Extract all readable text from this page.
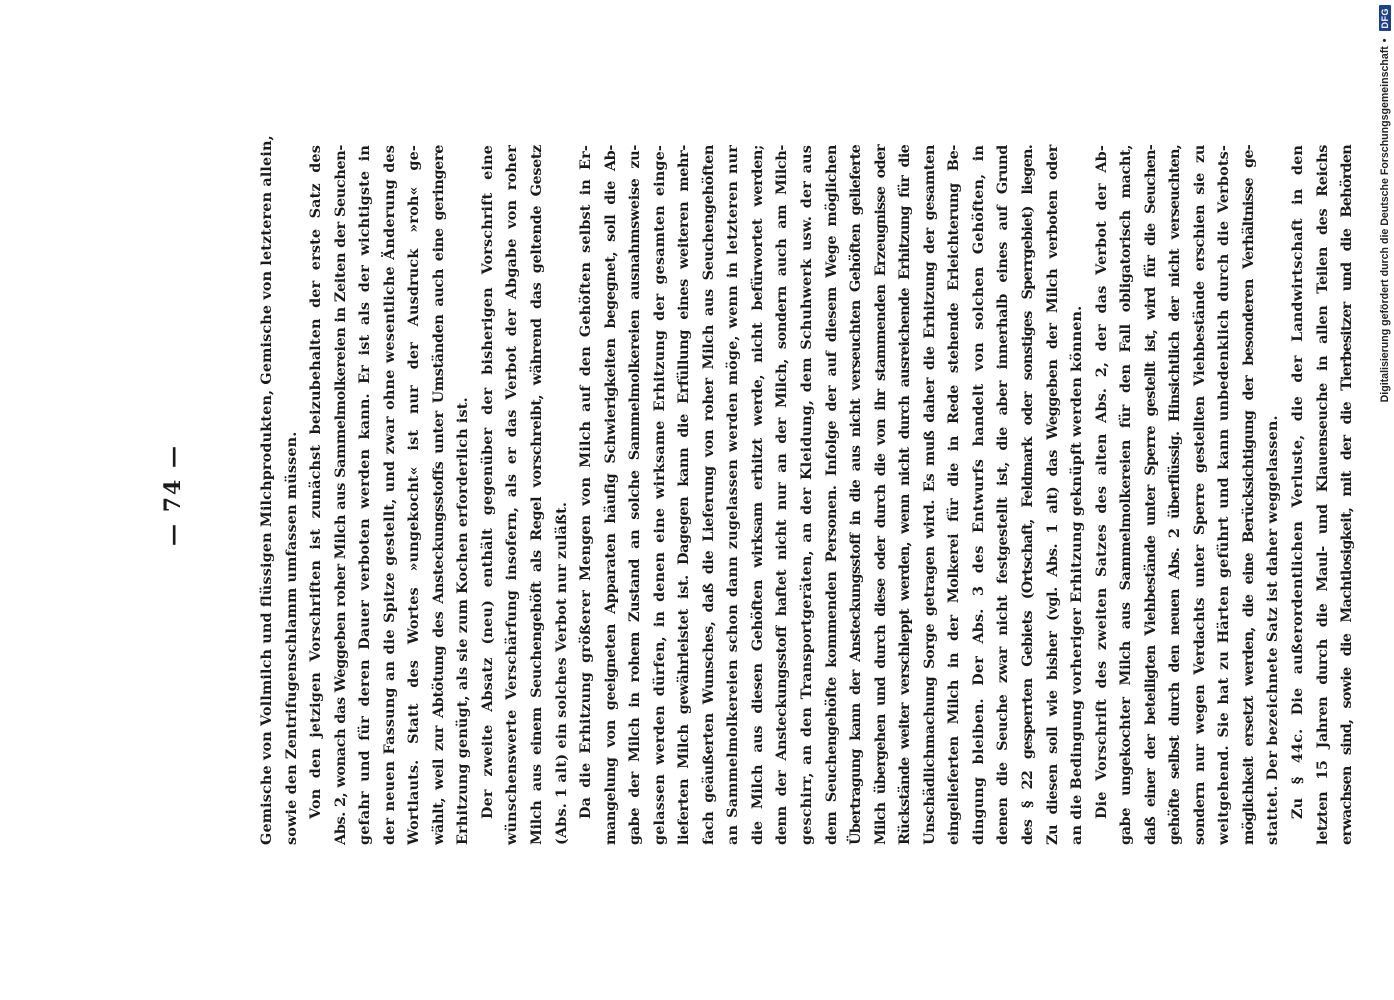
— 74 —	Gemische von Vollmilch und flüssigen Milchprodukten, Gemische von letzteren allein, sowie den Zentrifugenschlamm umfassen müssen. Von den jetzigen Vorschriften ist zunächst beizubehalten der erste Satz des Abs. 2, wonach das Weggeben roher Milch aus Sammelmolkereien in Zeiten der Seuchen- gefahr und für deren Dauer verboten werden kann. Er ist als der wichtigste in der neuen Fassung an die Spitze gestellt, und zwar ohne wesentliche Änderung des Wortlauts. Statt des Wortes »ungekocht« ist nur der Ausdruck »roh« ge- wählt, weil zur Abtötung des Ansteckungsstoffs unter Umständen auch eine geringere Erhitzung genügt, als sie zum Kochen erforderlich ist. Der zweite Absatz (neu) enthält gegenüber der bisherigen Vorschrift eine wünschenswerte Verschärfung insofern, als er das Verbot der Abgabe von roher Milch aus einem Seuchengehöft als Regel vorschreibt, während das geltende Gesetz (Abs. 1 alt) ein solches Verbot nur zuläßt. Da die Erhitzung größerer Mengen von Milch auf den Gehöften selbst in Er- mangelung von geeigneten Apparaten häufig Schwierigkeiten begegnet, soll die Ab- gabe der Milch in rohem Zustand an solche Sammelmolkereien ausnahmsweise zu- gelassen werden dürfen, in denen eine wirksame Erhitzung der gesamten einge- lieferten Milch gewährleistet ist. Dagegen kann die Erfüllung eines weiteren mehr- fach geäußerten Wunsches, daß die Lieferung von roher Milch aus Seuchengehöften an Sammelmolkereien schon dann zugelassen werden möge, wenn in letzteren nur die Milch aus diesen Gehöften wirksam erhitzt werde, nicht befürwortet werden; denn der Ansteckungsstoff haftet nicht nur an der Milch, sondern auch am Milch- geschirr, an den Transportgeräten, an der Kleidung, dem Schuhwerk usw. der aus dem Seuchengehöfte kommenden Personen. Infolge der auf diesem Wege möglichen Übertragung kann der Ansteckungsstoff in die aus nicht verseuchten Gehöften gelieferte Milch übergehen und durch diese oder durch die von ihr stammenden Erzeugnisse oder Rückstände weiter verschleppt werden, wenn nicht durch ausreichende Erhitzung für die Unschädlichmachung Sorge getragen wird. Es muß daher die Erhitzung der gesamten eingelieferten Milch in der Molkerei für die in Rede stehende Erleichterung Be- dingung bleiben. Der Abs. 3 des Entwurfs handelt von solchen Gehöften, in denen die Seuche zwar nicht festgestellt ist, die aber innerhalb eines auf Grund des § 22 gesperrten Gebiets (Ortschaft, Feldmark oder sonstiges Sperrgebiet) liegen. Zu diesen soll wie bisher (vgl. Abs. 1 alt) das Weggeben der Milch verboten oder an die Bedingung vorheriger Erhitzung geknüpft werden können. Die Vorschrift des zweiten Satzes des alten Abs. 2, der das Verbot der Ab- gabe ungekochter Milch aus Sammelmolkereien für den Fall obligatorisch macht, daß einer der beteiligten Viehbestände unter Sperre gestellt ist, wird für die Seuchen- gehöfte selbst durch den neuen Abs. 2 überflüssig. Hinsichtlich der nicht verseuchten, sondern nur wegen Verdachts unter Sperre gestellten Viehbestände erschien sie zu weitgehend. Sie hat zu Härten geführt und kann unbedenklich durch die Verbots- möglichkeit ersetzt werden, die eine Berücksichtigung der besonderen Verhältnisse ge- stattet. Der bezeichnete Satz ist daher weggelassen. Zu § 44c. Die außerordentlichen Verluste, die der Landwirtschaft in den letzten 15 Jahren durch die Maul- und Klauenseuche in allen Teilen des Reichs erwachsen sind, sowie die Machtlosigkeit, mit der die Tierbesitzer und die Behörden	Digitalisierung gefördert durch die Deutsche Forschungsgemeinschaft
•
DFG
